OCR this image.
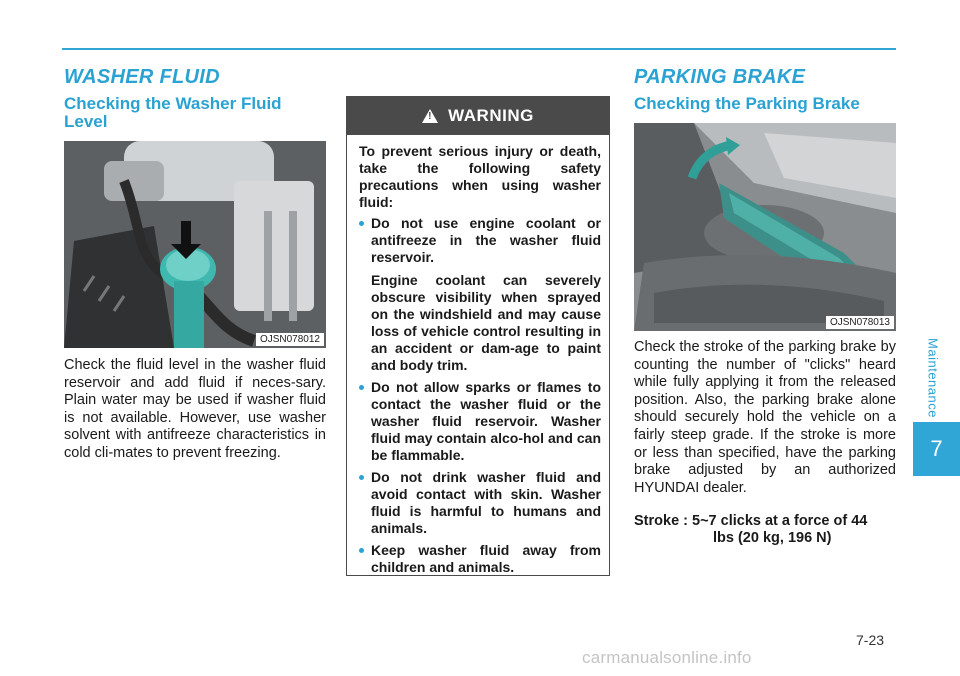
WASHER FLUID
Checking the Washer Fluid Level
OJSN078012
Check the fluid level in the washer fluid reservoir and add fluid if neces-sary. Plain water may be used if washer fluid is not available. However, use washer solvent with antifreeze characteristics in cold cli-mates to prevent freezing.
!
WARNING

To prevent serious injury or death, take the following safety precautions when using washer fluid:

Do not use engine coolant or antifreeze in the washer fluid reservoir.

Engine coolant can severely obscure visibility when sprayed on the windshield and may cause loss of vehicle control resulting in an accident or dam-age to paint and body trim.

Do not allow sparks or flames to contact the washer fluid or the washer fluid reservoir. Washer fluid may contain alco-hol and can be flammable.

Do not drink washer fluid and avoid contact with skin. Washer fluid is harmful to humans and animals.

Keep washer fluid away from children and animals.

PARKING BRAKE
Checking the Parking Brake
OJSN078013
Check the stroke of the parking brake by counting the number of "clicks" heard while fully applying it from the released position. Also, the parking brake alone should securely hold the vehicle on a fairly steep grade. If the stroke is more or less than specified, have the parking brake adjusted by an authorized HYUNDAI dealer.
Stroke : 5~7 clicks at a force of 44
lbs (20 kg, 196 N)
Maintenance
7
7-23
carmanualsonline.info
